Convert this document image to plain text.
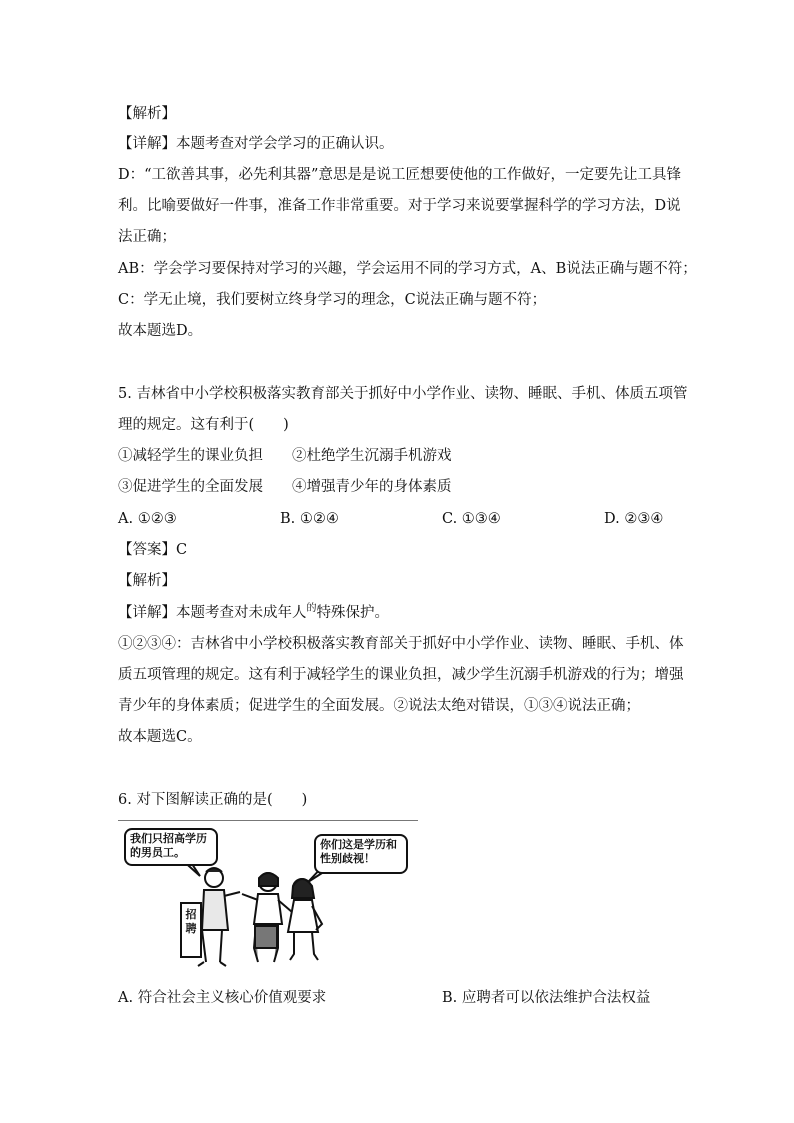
【解析】
【详解】本题考查对学会学习的正确认识。
D：“工欲善其事，必先利其器”意思是是说工匠想要使他的工作做好，一定要先让工具锋
利。比喻要做好一件事，准备工作非常重要。对于学习来说要掌握科学的学习方法，D说
法正确；
AB：学会学习要保持对学习的兴趣，学会运用不同的学习方式，A、B说法正确与题不符；
C：学无止境，我们要树立终身学习的理念，C说法正确与题不符；
故本题选D。
5. 吉林省中小学校积极落实教育部关于抓好中小学作业、读物、睡眠、手机、体质五项管
理的规定。这有利于(　　)
①减轻学生的课业负担　　②杜绝学生沉溺手机游戏
③促进学生的全面发展　　④增强青少年的身体素质
A. ①②③	B. ①②④	C. ①③④	D. ②③④
【答案】C
【解析】
【详解】本题考查对未成年人$^的$特殊保护。
①②③④：吉林省中小学校积极落实教育部关于抓好中小学作业、读物、睡眠、手机、体
质五项管理的规定。这有利于减轻学生的课业负担，减少学生沉溺手机游戏的行为；增强
青少年的身体素质；促进学生的全面发展。②说法太绝对错误，①③④说法正确；
故本题选C。
6. 对下图解读正确的是(　　)
我们只招高学历的男员工。
你们这是学历和性别歧视！
招聘
A. 符合社会主义核心价值观要求	B. 应聘者可以依法维护合法权益
